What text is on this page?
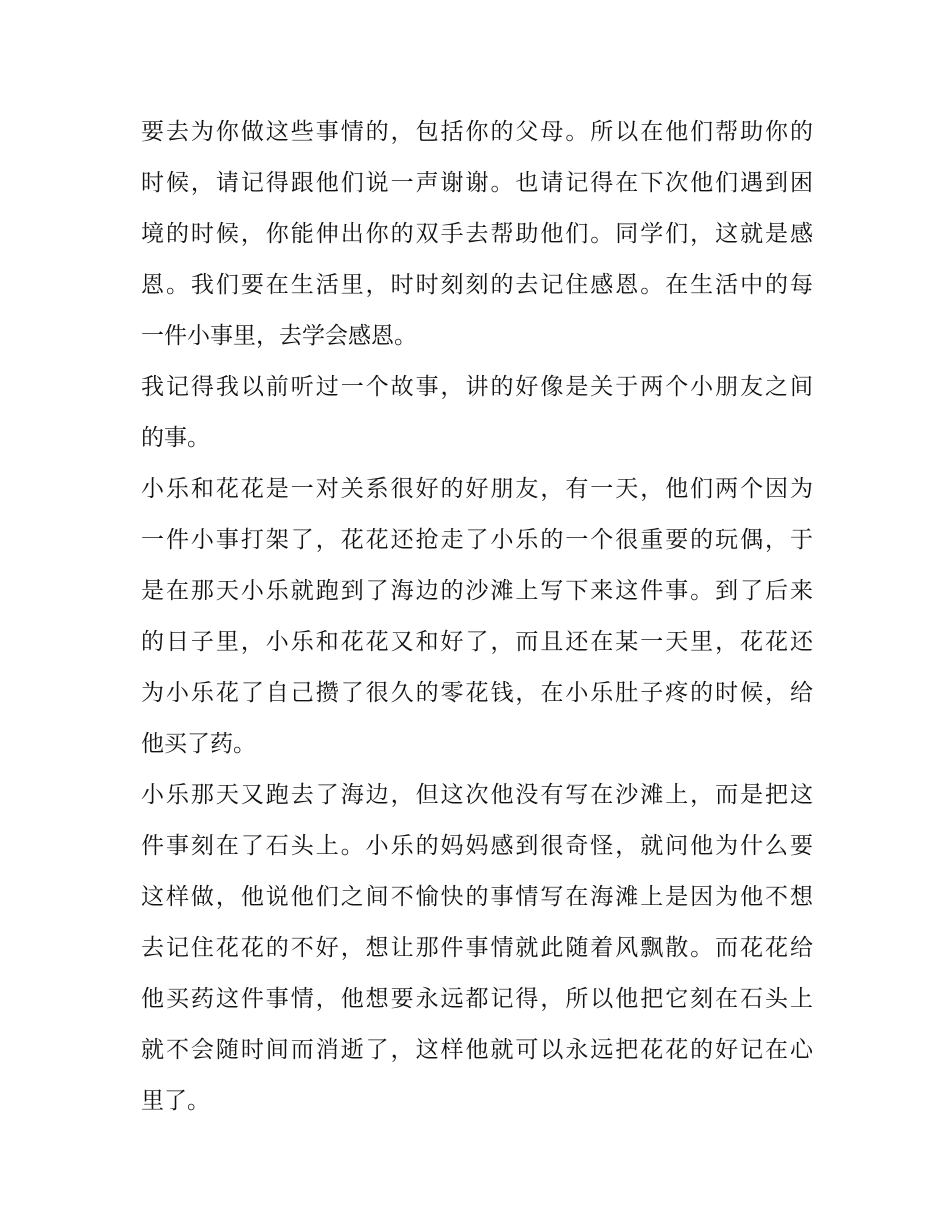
要去为你做这些事情的，包括你的父母。所以在他们帮助你的
时候，请记得跟他们说一声谢谢。也请记得在下次他们遇到困
境的时候，你能伸出你的双手去帮助他们。同学们，这就是感
恩。我们要在生活里，时时刻刻的去记住感恩。在生活中的每
一件小事里，去学会感恩。
我记得我以前听过一个故事，讲的好像是关于两个小朋友之间
的事。
小乐和花花是一对关系很好的好朋友，有一天，他们两个因为
一件小事打架了，花花还抢走了小乐的一个很重要的玩偶，于
是在那天小乐就跑到了海边的沙滩上写下来这件事。到了后来
的日子里，小乐和花花又和好了，而且还在某一天里，花花还
为小乐花了自己攒了很久的零花钱，在小乐肚子疼的时候，给
他买了药。
小乐那天又跑去了海边，但这次他没有写在沙滩上，而是把这
件事刻在了石头上。小乐的妈妈感到很奇怪，就问他为什么要
这样做，他说他们之间不愉快的事情写在海滩上是因为他不想
去记住花花的不好，想让那件事情就此随着风飘散。而花花给
他买药这件事情，他想要永远都记得，所以他把它刻在石头上
就不会随时间而消逝了，这样他就可以永远把花花的好记在心
里了。
